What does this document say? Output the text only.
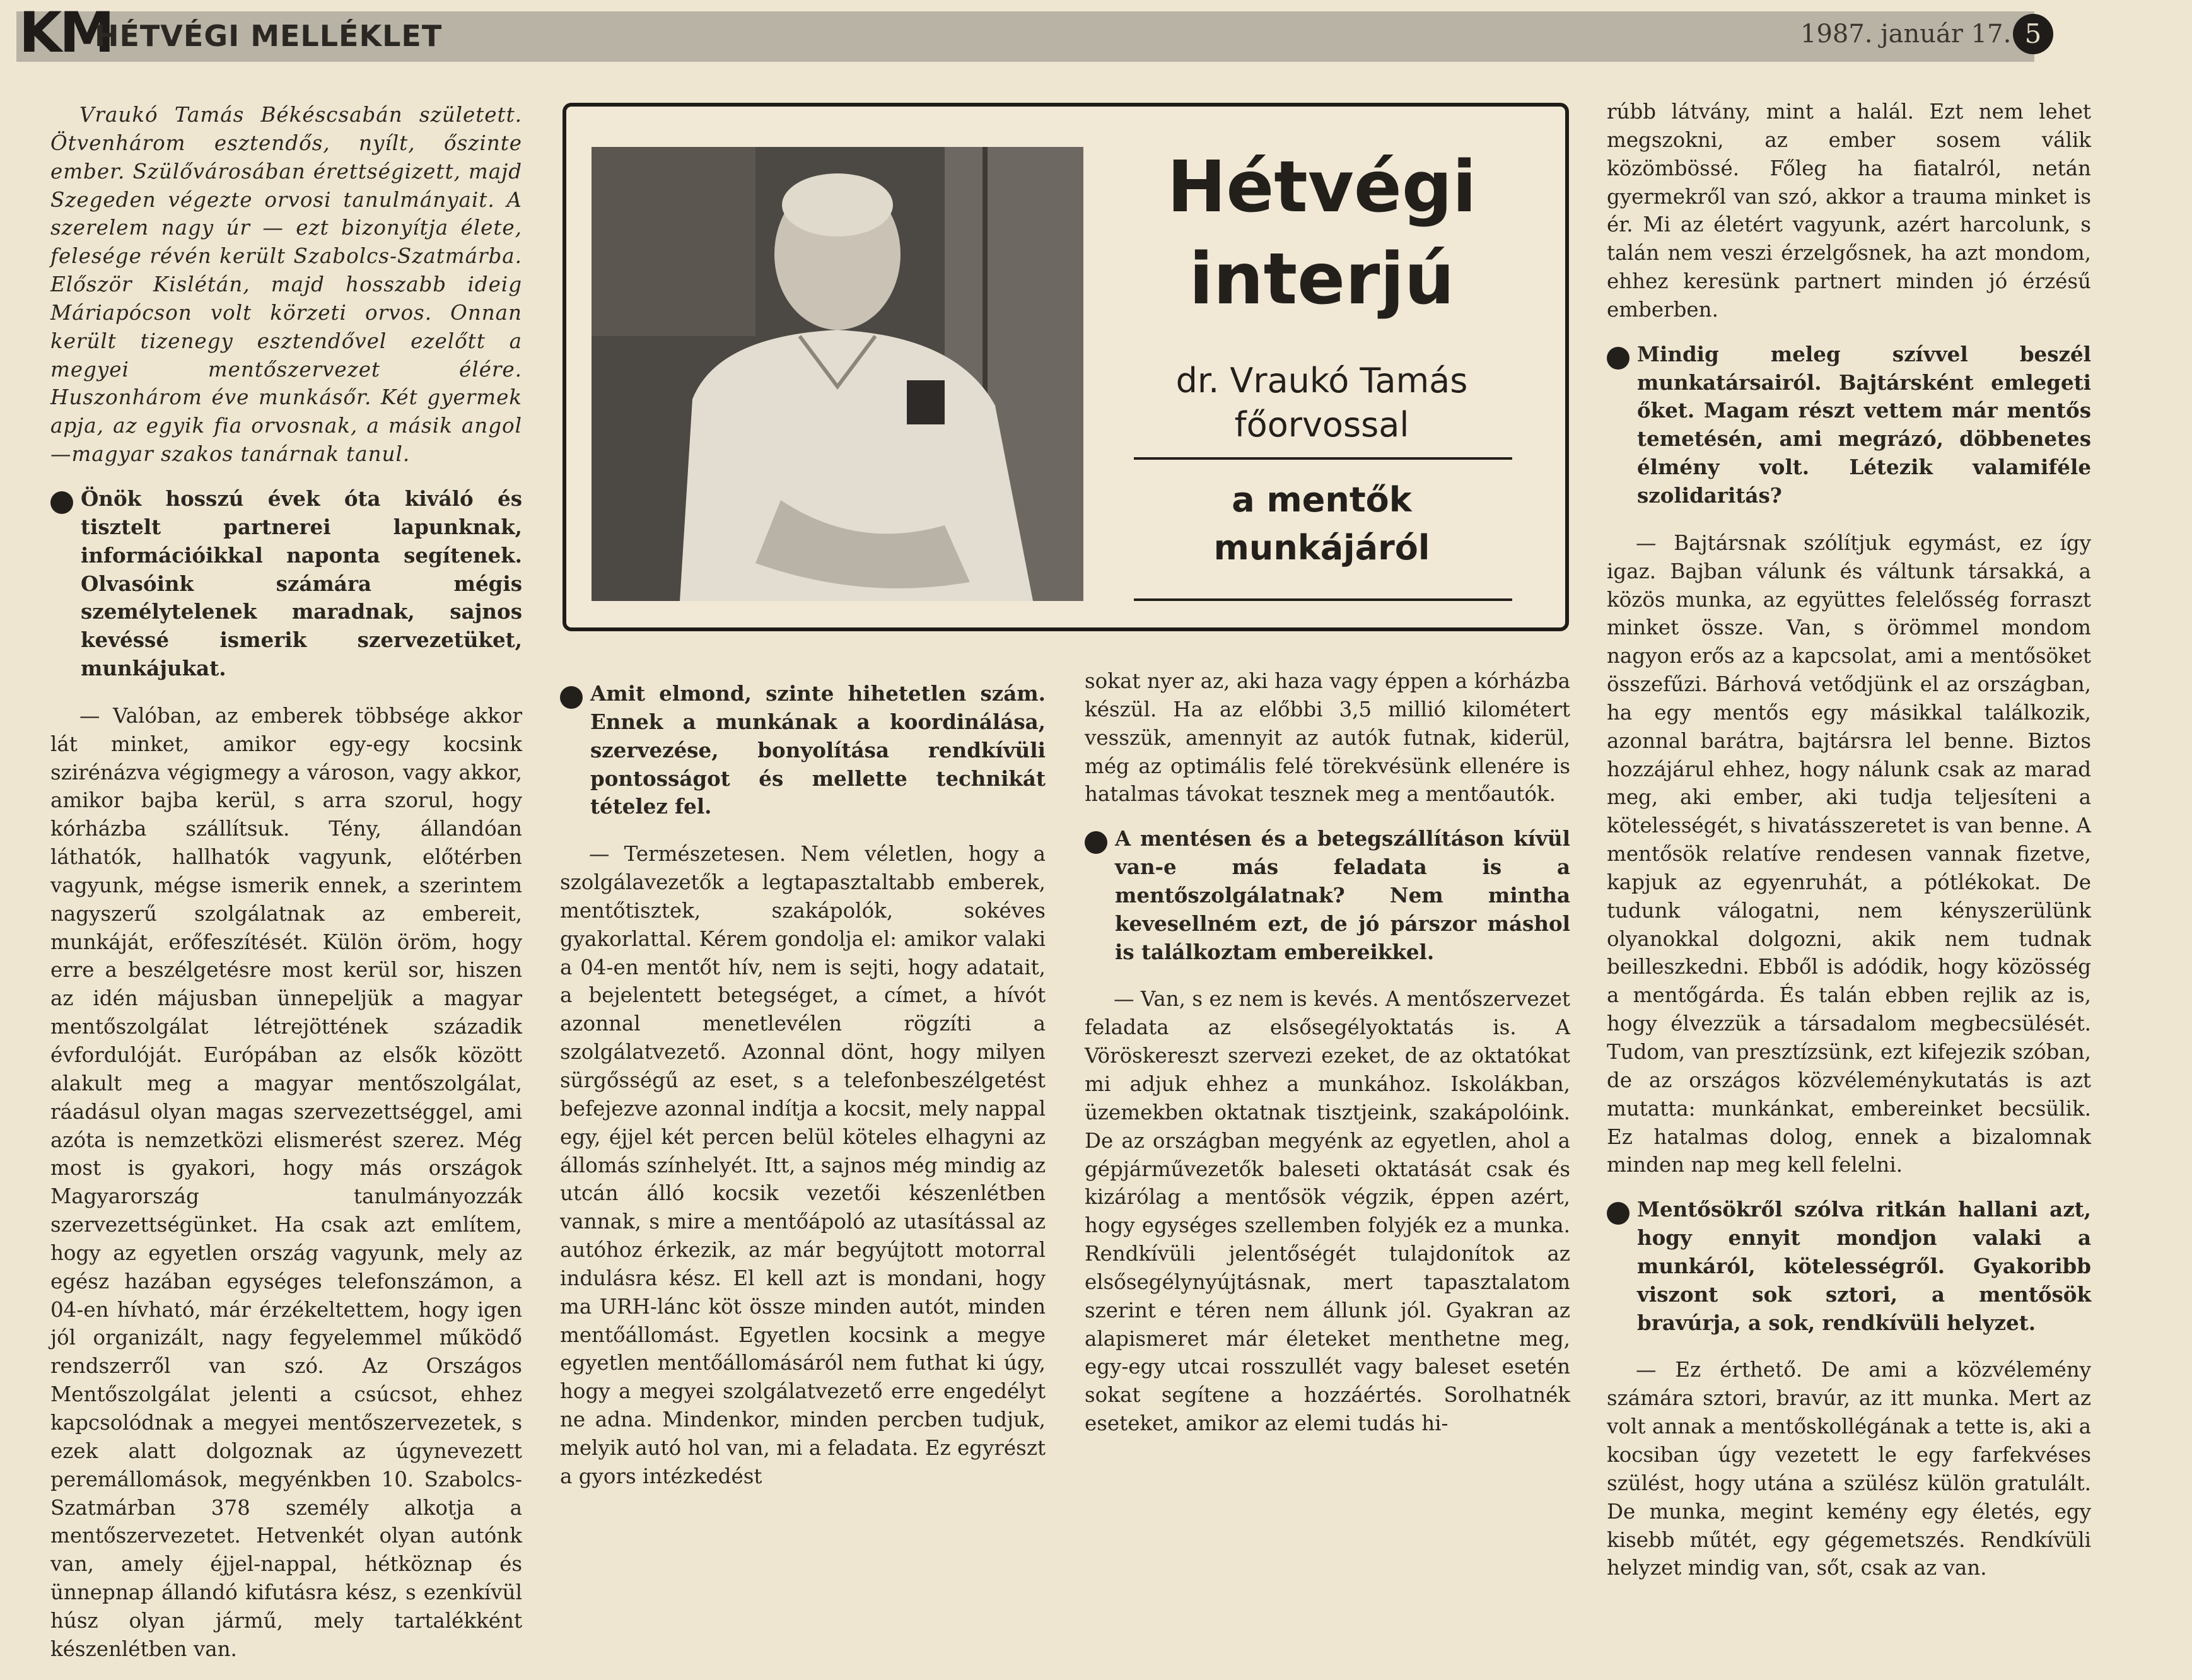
KM
HÉTVÉGI MELLÉKLET	1987. január 17. 5

Vraukó Tamás Békéscsabán született. Ötvenhárom esztendős, nyílt, őszinte ember. Szülővárosában érettségizett, majd Szegeden végezte orvosi tanulmányait. A szerelem nagy úr — ezt bizonyítja élete, felesége révén került Szabolcs-Szatmárba. Először Kislétán, majd hosszabb ideig Máriapócson volt körzeti orvos. Onnan került tizenegy esztendővel ezelőtt a megyei mentőszervezet élére. Huszonhárom éve munkásőr. Két gyermek apja, az egyik fia orvosnak, a másik angol—magyar szakos tanárnak tanul.

Önök hosszú évek óta kiváló és tisztelt partnerei lapunknak, információikkal naponta segítenek. Olvasóink számára mégis személytelenek maradnak, sajnos kevéssé ismerik szervezetüket, munkájukat.

— Valóban, az emberek többsége akkor lát minket, amikor egy-egy kocsink szirénázva végigmegy a városon, vagy akkor, amikor bajba kerül, s arra szorul, hogy kórházba szállítsuk. Tény, állandóan láthatók, hallhatók vagyunk, előtérben vagyunk, mégse ismerik ennek, a szerintem nagyszerű szolgálatnak az embereit, munkáját, erőfeszítését. Külön öröm, hogy erre a beszélgetésre most kerül sor, hiszen az idén májusban ünnepeljük a magyar mentőszolgálat létrejöttének századik évfordulóját. Európában az elsők között alakult meg a magyar mentőszolgálat, ráadásul olyan magas szervezettséggel, ami azóta is nemzetközi elismerést szerez. Még most is gyakori, hogy más országok Magyarország tanulmányozzák szervezettségünket. Ha csak azt említem, hogy az egyetlen ország vagyunk, mely az egész hazában egységes telefonszámon, a 04-en hívható, már érzékeltettem, hogy igen jól organizált, nagy fegyelemmel működő rendszerről van szó. Az Országos Mentőszolgálat jelenti a csúcsot, ehhez kapcsolódnak a megyei mentőszervezetek, s ezek alatt dolgoznak az úgynevezett peremállomások, megyénkben 10. Szabolcs-Szatmárban 378 személy alkotja a mentőszervezetet. Hetvenkét olyan autónk van, amely éjjel-nappal, hétköznap és ünnepnap állandó kifutásra kész, s ezenkívül húsz olyan jármű, mely tartalékként készenlétben van.

Hétvégi
interjú
dr. Vraukó Tamás
főorvossal
a mentők
munkájáról
Amit elmond, szinte hihetetlen szám. Ennek a munkának a koordinálása, szervezése, bonyolítása rendkívüli pontosságot és mellette technikát tételez fel.

— Természetesen. Nem véletlen, hogy a szolgálavezetők a legtapasztaltabb emberek, mentőtisztek, szakápolók, sokéves gyakorlattal. Kérem gondolja el: amikor valaki a 04-en mentőt hív, nem is sejti, hogy adatait, a bejelentett betegséget, a címet, a hívót azonnal menetlevélen rögzíti a szolgálatvezető. Azonnal dönt, hogy milyen sürgősségű az eset, s a telefonbeszélgetést befejezve azonnal indítja a kocsit, mely nappal egy, éjjel két percen belül köteles elhagyni az állomás színhelyét. Itt, a sajnos még mindig az utcán álló kocsik vezetői készenlétben vannak, s mire a mentőápoló az utasítással az autóhoz érkezik, az már begyújtott motorral indulásra kész. El kell azt is mondani, hogy ma URH-lánc köt össze minden autót, minden mentőállomást. Egyetlen kocsink a megye egyetlen mentőállomásáról nem futhat ki úgy, hogy a megyei szolgálatvezető erre engedélyt ne adna. Mindenkor, minden percben tudjuk, melyik autó hol van, mi a feladata. Ez egyrészt a gyors intézkedést

sokat nyer az, aki haza vagy éppen a kórházba készül. Ha az előbbi 3,5 millió kilométert vesszük, amennyit az autók futnak, kiderül, még az optimális felé törekvésünk ellenére is hatalmas távokat tesznek meg a mentőautók.

A mentésen és a betegszállításon kívül van-e más feladata is a mentőszolgálatnak? Nem mintha kevesellném ezt, de jó párszor máshol is találkoztam embereikkel.

— Van, s ez nem is kevés. A mentőszervezet feladata az elsősegélyoktatás is. A Vöröskereszt szervezi ezeket, de az oktatókat mi adjuk ehhez a munkához. Iskolákban, üzemekben oktatnak tisztjeink, szakápolóink. De az országban megyénk az egyetlen, ahol a gépjárművezetők baleseti oktatását csak és kizárólag a mentősök végzik, éppen azért, hogy egységes szellemben folyjék ez a munka. Rendkívüli jelentőségét tulajdonítok az elsősegélynyújtásnak, mert tapasztalatom szerint e téren nem állunk jól. Gyakran az alapismeret már életeket menthetne meg, egy-egy utcai rosszullét vagy baleset esetén sokat segítene a hozzáértés. Sorolhatnék eseteket, amikor az elemi tudás hi-

rúbb látvány, mint a halál. Ezt nem lehet megszokni, az ember sosem válik közömbössé. Főleg ha fiatalról, netán gyermekről van szó, akkor a trauma minket is ér. Mi az életért vagyunk, azért harcolunk, s talán nem veszi érzelgősnek, ha azt mondom, ehhez keresünk partnert minden jó érzésű emberben.

Mindig meleg szívvel beszél munkatársairól. Bajtársként emlegeti őket. Magam részt vettem már mentős temetésén, ami megrázó, döbbenetes élmény volt. Létezik valamiféle szolidaritás?

— Bajtársnak szólítjuk egymást, ez így igaz. Bajban válunk és váltunk társakká, a közös munka, az együttes felelősség forraszt minket össze. Van, s örömmel mondom nagyon erős az a kapcsolat, ami a mentősöket összefűzi. Bárhová vetődjünk el az országban, ha egy mentős egy másikkal találkozik, azonnal barátra, bajtársra lel benne. Biztos hozzájárul ehhez, hogy nálunk csak az marad meg, aki ember, aki tudja teljesíteni a kötelességét, s hivatásszeretet is van benne. A mentősök relatíve rendesen vannak fizetve, kapjuk az egyenruhát, a pótlékokat. De tudunk válogatni, nem kényszerülünk olyanokkal dolgozni, akik nem tudnak beilleszkedni. Ebből is adódik, hogy közösség a mentőgárda. És talán ebben rejlik az is, hogy élvezzük a társadalom megbecsülését. Tudom, van presztízsünk, ezt kifejezik szóban, de az országos közvéleménykutatás is azt mutatta: munkánkat, embereinket becsülik. Ez hatalmas dolog, ennek a bizalomnak minden nap meg kell felelni.

Mentősökről szólva ritkán hallani azt, hogy ennyit mondjon valaki a munkáról, kötelességről. Gyakoribb viszont sok sztori, a mentősök bravúrja, a sok, rendkívüli helyzet.

— Ez érthető. De ami a közvélemény számára sztori, bravúr, az itt munka. Mert az volt annak a mentőskollégának a tette is, aki a kocsiban úgy vezetett le egy farfekvéses szülést, hogy utána a szülész külön gratulált. De munka, megint kemény egy életés, egy kisebb műtét, egy gégemetszés. Rendkívüli helyzet mindig van, sőt, csak az van.
